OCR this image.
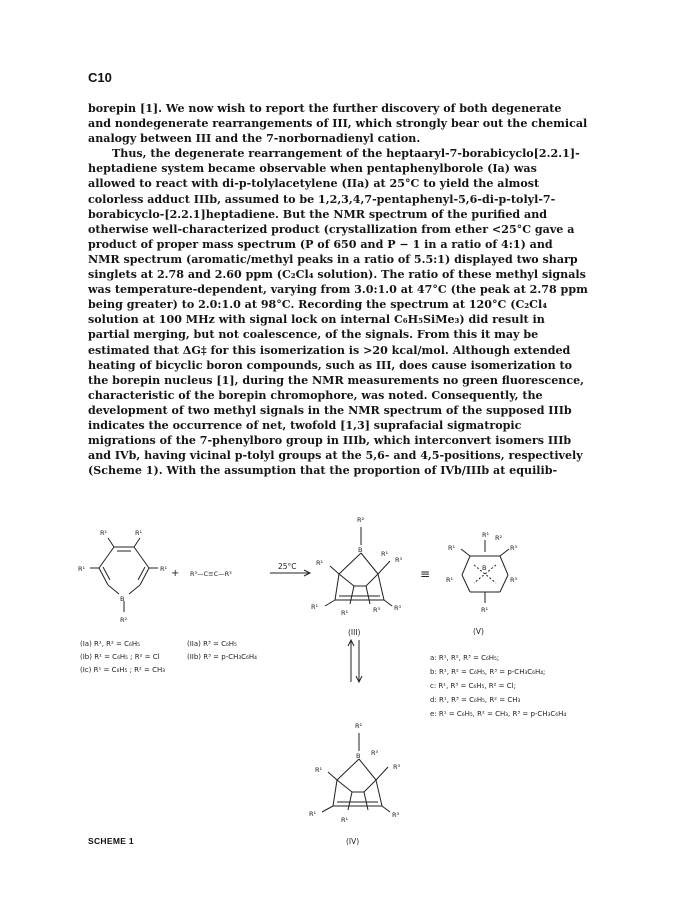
C10

borepin [1]. We now wish to report the further discovery of both degenerate and nondegenerate rearrangements of III, which strongly bear out the chemical analogy between III and the 7-norbornadienyl cation.

Thus, the degenerate rearrangement of the heptaaryl-7-borabicyclo[2.2.1]-heptadiene system became observable when pentaphenylborole (Ia) was allowed to react with di-p-tolylacetylene (IIa) at 25°C to yield the almost colorless adduct IIIb, assumed to be 1,2,3,4,7-pentaphenyl-5,6-di-p-tolyl-7-borabicyclo-[2.2.1]heptadiene. But the NMR spectrum of the purified and otherwise well-characterized product (crystallization from ether <25°C gave a product of proper mass spectrum (P of 650 and P − 1 in a ratio of 4:1) and NMR spectrum (aromatic/methyl peaks in a ratio of 5.5:1) displayed two sharp singlets at 2.78 and 2.60 ppm (C₂Cl₄ solution). The ratio of these methyl signals was temperature-dependent, varying from 3.0:1.0 at 47°C (the peak at 2.78 ppm being greater) to 2.0:1.0 at 98°C. Recording the spectrum at 120°C (C₂Cl₄ solution at 100 MHz with signal lock on internal C₆H₅SiMe₃) did result in partial merging, but not coalescence, of the signals. From this it may be estimated that ΔG‡ for this isomerization is >20 kcal/mol. Although extended heating of bicyclic boron compounds, such as III, does cause isomerization to the borepin nucleus [1], during the NMR measurements no green fluorescence, characteristic of the borepin chromophore, was noted. Consequently, the development of two methyl signals in the NMR spectrum of the supposed IIIb indicates the occurrence of net, twofold [1,3] suprafacial sigmatropic migrations of the 7-phenylboro group in IIIb, which interconvert isomers IIIb and IVb, having vicinal p-tolyl groups at the 5,6- and 4,5-positions, respectively (Scheme 1). With the assumption that the proportion of IVb/IIIb at equilib-

R¹	R¹
R¹	R¹
B
R²
+ R³—C≡C—R³
25°C
R²
B
R¹
R¹
R³
R¹
R¹	R³ R³
(III)
≡
R¹ R²
R³
R¹
B
R¹	R³
R¹
(V)
R²
B R³
R¹	R³
R¹
R¹
R³
(IV)
(Ia) R¹, R² = C₆H₅
(Ib) R¹ = C₆H₅ ; R² = Cl
(Ic) R¹ = C₆H₅ ; R² = CH₃
(IIa) R³ = C₆H₅
(IIb) R³ = p-CH₃C₆H₄	a: R¹, R², R³ = C₆H₅;
b: R¹, R² = C₆H₅, R³ = p-CH₃C₆H₄;
c: R¹, R³ = C₆H₅, R² = Cl;
d: R¹, R³ = C₆H₅, R² = CH₃
e: R¹ = C₆H₅, R² = CH₃, R³ = p-CH₃C₆H₄
SCHEME 1
